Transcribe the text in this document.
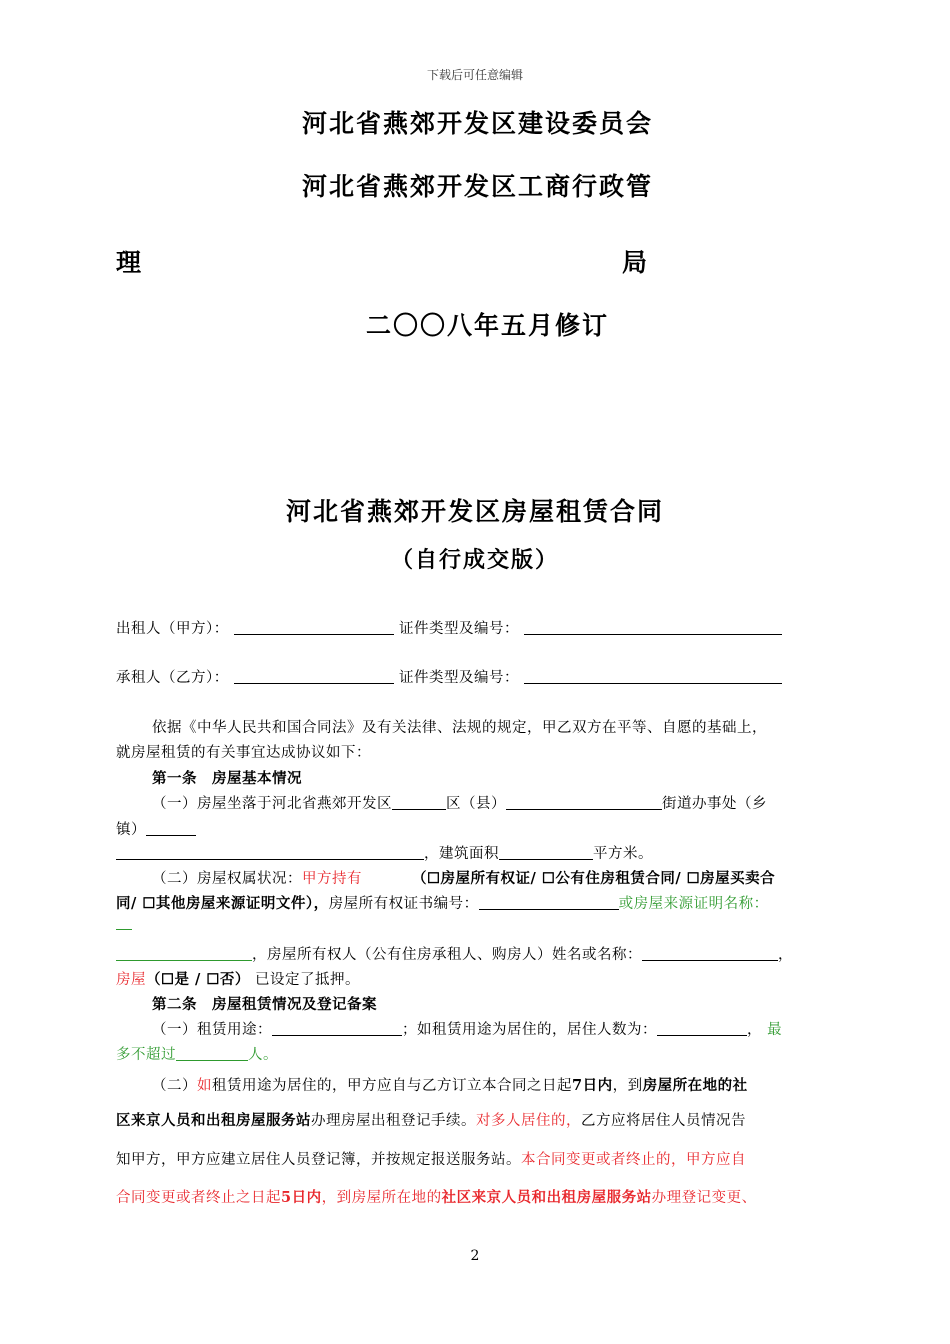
下载后可任意编辑
河北省燕郊开发区建设委员会
河北省燕郊开发区工商行政管
理	局
二〇〇八年五月修订
河北省燕郊开发区房屋租赁合同
（自行成交版）
出租人（甲方）：	证件类型及编号：
承租人（乙方）：	证件类型及编号：
依据《中华人民共和国合同法》及有关法律、法规的规定，甲乙双方在平等、自愿的基础上，
就房屋租赁的有关事宜达成协议如下：
第一条　房屋基本情况
（一）房屋坐落于河北省燕郊开发区	区（县）	街道办事处（乡
镇）
，建筑面积	平方米。
（二）房屋权属状况：甲方持有	（☐房屋所有权证/ ☐公有住房租赁合同/ ☐房屋买卖合
同/ ☐其他房屋来源证明文件），房屋所有权证书编号：	或房屋来源证明名称：
，房屋所有权人（公有住房承租人、购房人）姓名或名称：	，
房屋（☐是 / ☐否） 已设定了抵押。
第二条　房屋租赁情况及登记备案
（一）租赁用途：	；如租赁用途为居住的，居住人数为：	， 最
多不超过	人。
（二）如租赁用途为居住的，甲方应自与乙方订立本合同之日起7日内，到房屋所在地的社
区来京人员和出租房屋服务站办理房屋出租登记手续。对多人居住的，乙方应将居住人员情况告
知甲方，甲方应建立居住人员登记簿，并按规定报送服务站。本合同变更或者终止的，甲方应自
合同变更或者终止之日起5日内，到房屋所在地的社区来京人员和出租房屋服务站办理登记变更、
2
